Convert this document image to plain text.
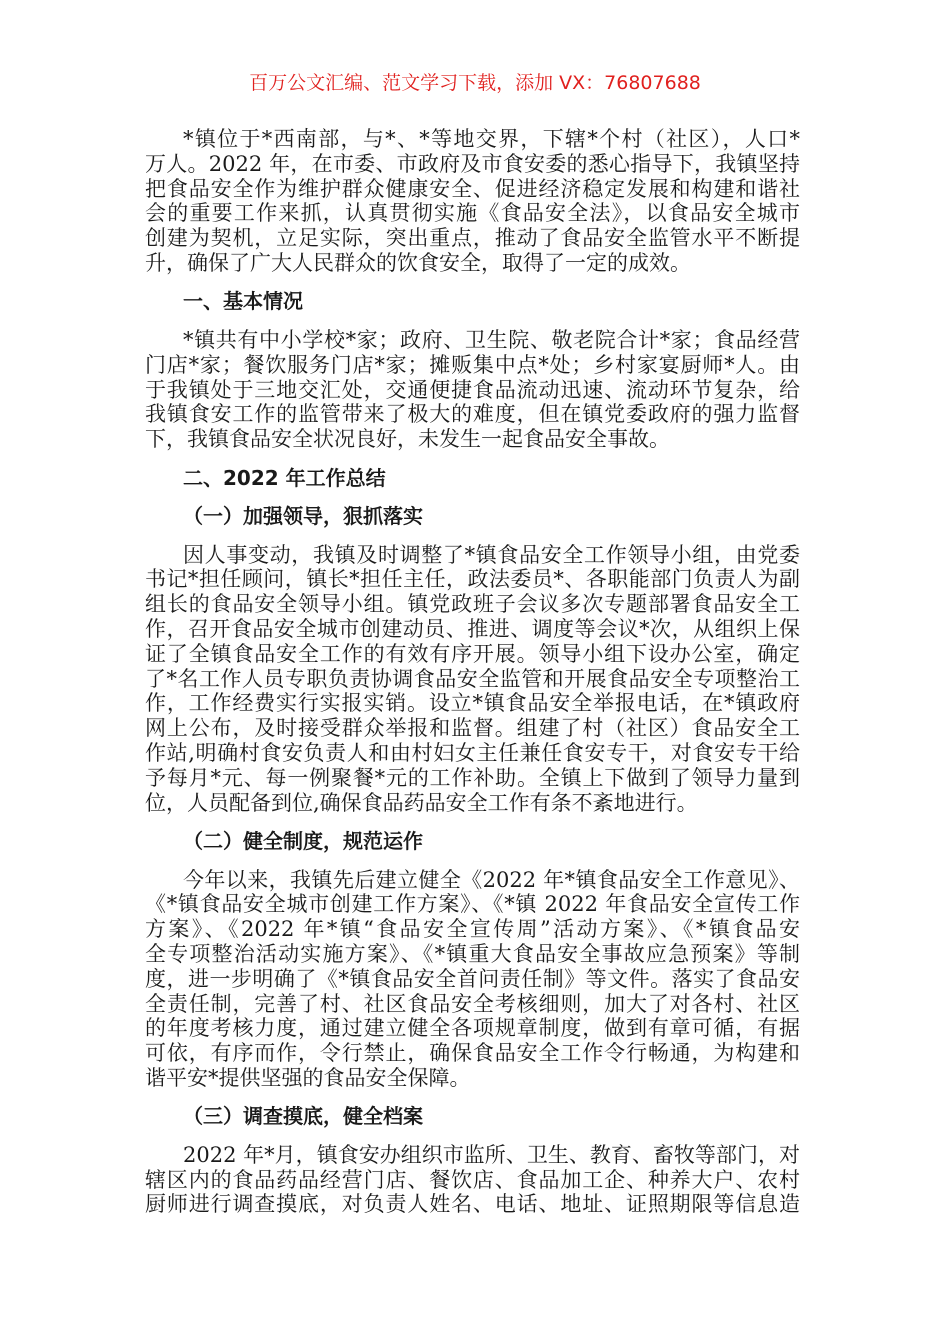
百万公文汇编、范文学习下载，添加 VX：76807688
*镇位于*西南部，与*、*等地交界，下辖*个村（社区），人口*
万人。2022 年，在市委、市政府及市食安委的悉心指导下，我镇坚持
把食品安全作为维护群众健康安全、促进经济稳定发展和构建和谐社
会的重要工作来抓，认真贯彻实施《食品安全法》，以食品安全城市
创建为契机，立足实际，突出重点，推动了食品安全监管水平不断提
升，确保了广大人民群众的饮食安全，取得了一定的成效。
一、基本情况
*镇共有中小学校*家；政府、卫生院、敬老院合计*家；食品经营
门店*家；餐饮服务门店*家；摊贩集中点*处；乡村家宴厨师*人。由
于我镇处于三地交汇处，交通便捷食品流动迅速、流动环节复杂，给
我镇食安工作的监管带来了极大的难度，但在镇党委政府的强力监督
下，我镇食品安全状况良好，未发生一起食品安全事故。
二、2022 年工作总结
（一）加强领导，狠抓落实
因人事变动，我镇及时调整了*镇食品安全工作领导小组，由党委
书记*担任顾问，镇长*担任主任，政法委员*、各职能部门负责人为副
组长的食品安全领导小组。镇党政班子会议多次专题部署食品安全工
作，召开食品安全城市创建动员、推进、调度等会议*次，从组织上保
证了全镇食品安全工作的有效有序开展。领导小组下设办公室，确定
了*名工作人员专职负责协调食品安全监管和开展食品安全专项整治工
作，工作经费实行实报实销。设立*镇食品安全举报电话，在*镇政府
网上公布，及时接受群众举报和监督。组建了村（社区）食品安全工
作站,明确村食安负责人和由村妇女主任兼任食安专干，对食安专干给
予每月*元、每一例聚餐*元的工作补助。全镇上下做到了领导力量到
位，人员配备到位,确保食品药品安全工作有条不紊地进行。
（二）健全制度，规范运作
今年以来，我镇先后建立健全《2022 年*镇食品安全工作意见》、
《*镇食品安全城市创建工作方案》、《*镇 2022 年食品安全宣传工作
方案》、《2022 年*镇“食品安全宣传周”活动方案》、《*镇食品安
全专项整治活动实施方案》、《*镇重大食品安全事故应急预案》等制
度，进一步明确了《*镇食品安全首问责任制》等文件。落实了食品安
全责任制，完善了村、社区食品安全考核细则，加大了对各村、社区
的年度考核力度，通过建立健全各项规章制度，做到有章可循，有据
可依，有序而作，令行禁止，确保食品安全工作令行畅通，为构建和
谐平安*提供坚强的食品安全保障。
（三）调查摸底，健全档案
2022 年*月，镇食安办组织市监所、卫生、教育、畜牧等部门，对
辖区内的食品药品经营门店、餐饮店、食品加工企、种养大户、农村
厨师进行调查摸底，对负责人姓名、电话、地址、证照期限等信息造
